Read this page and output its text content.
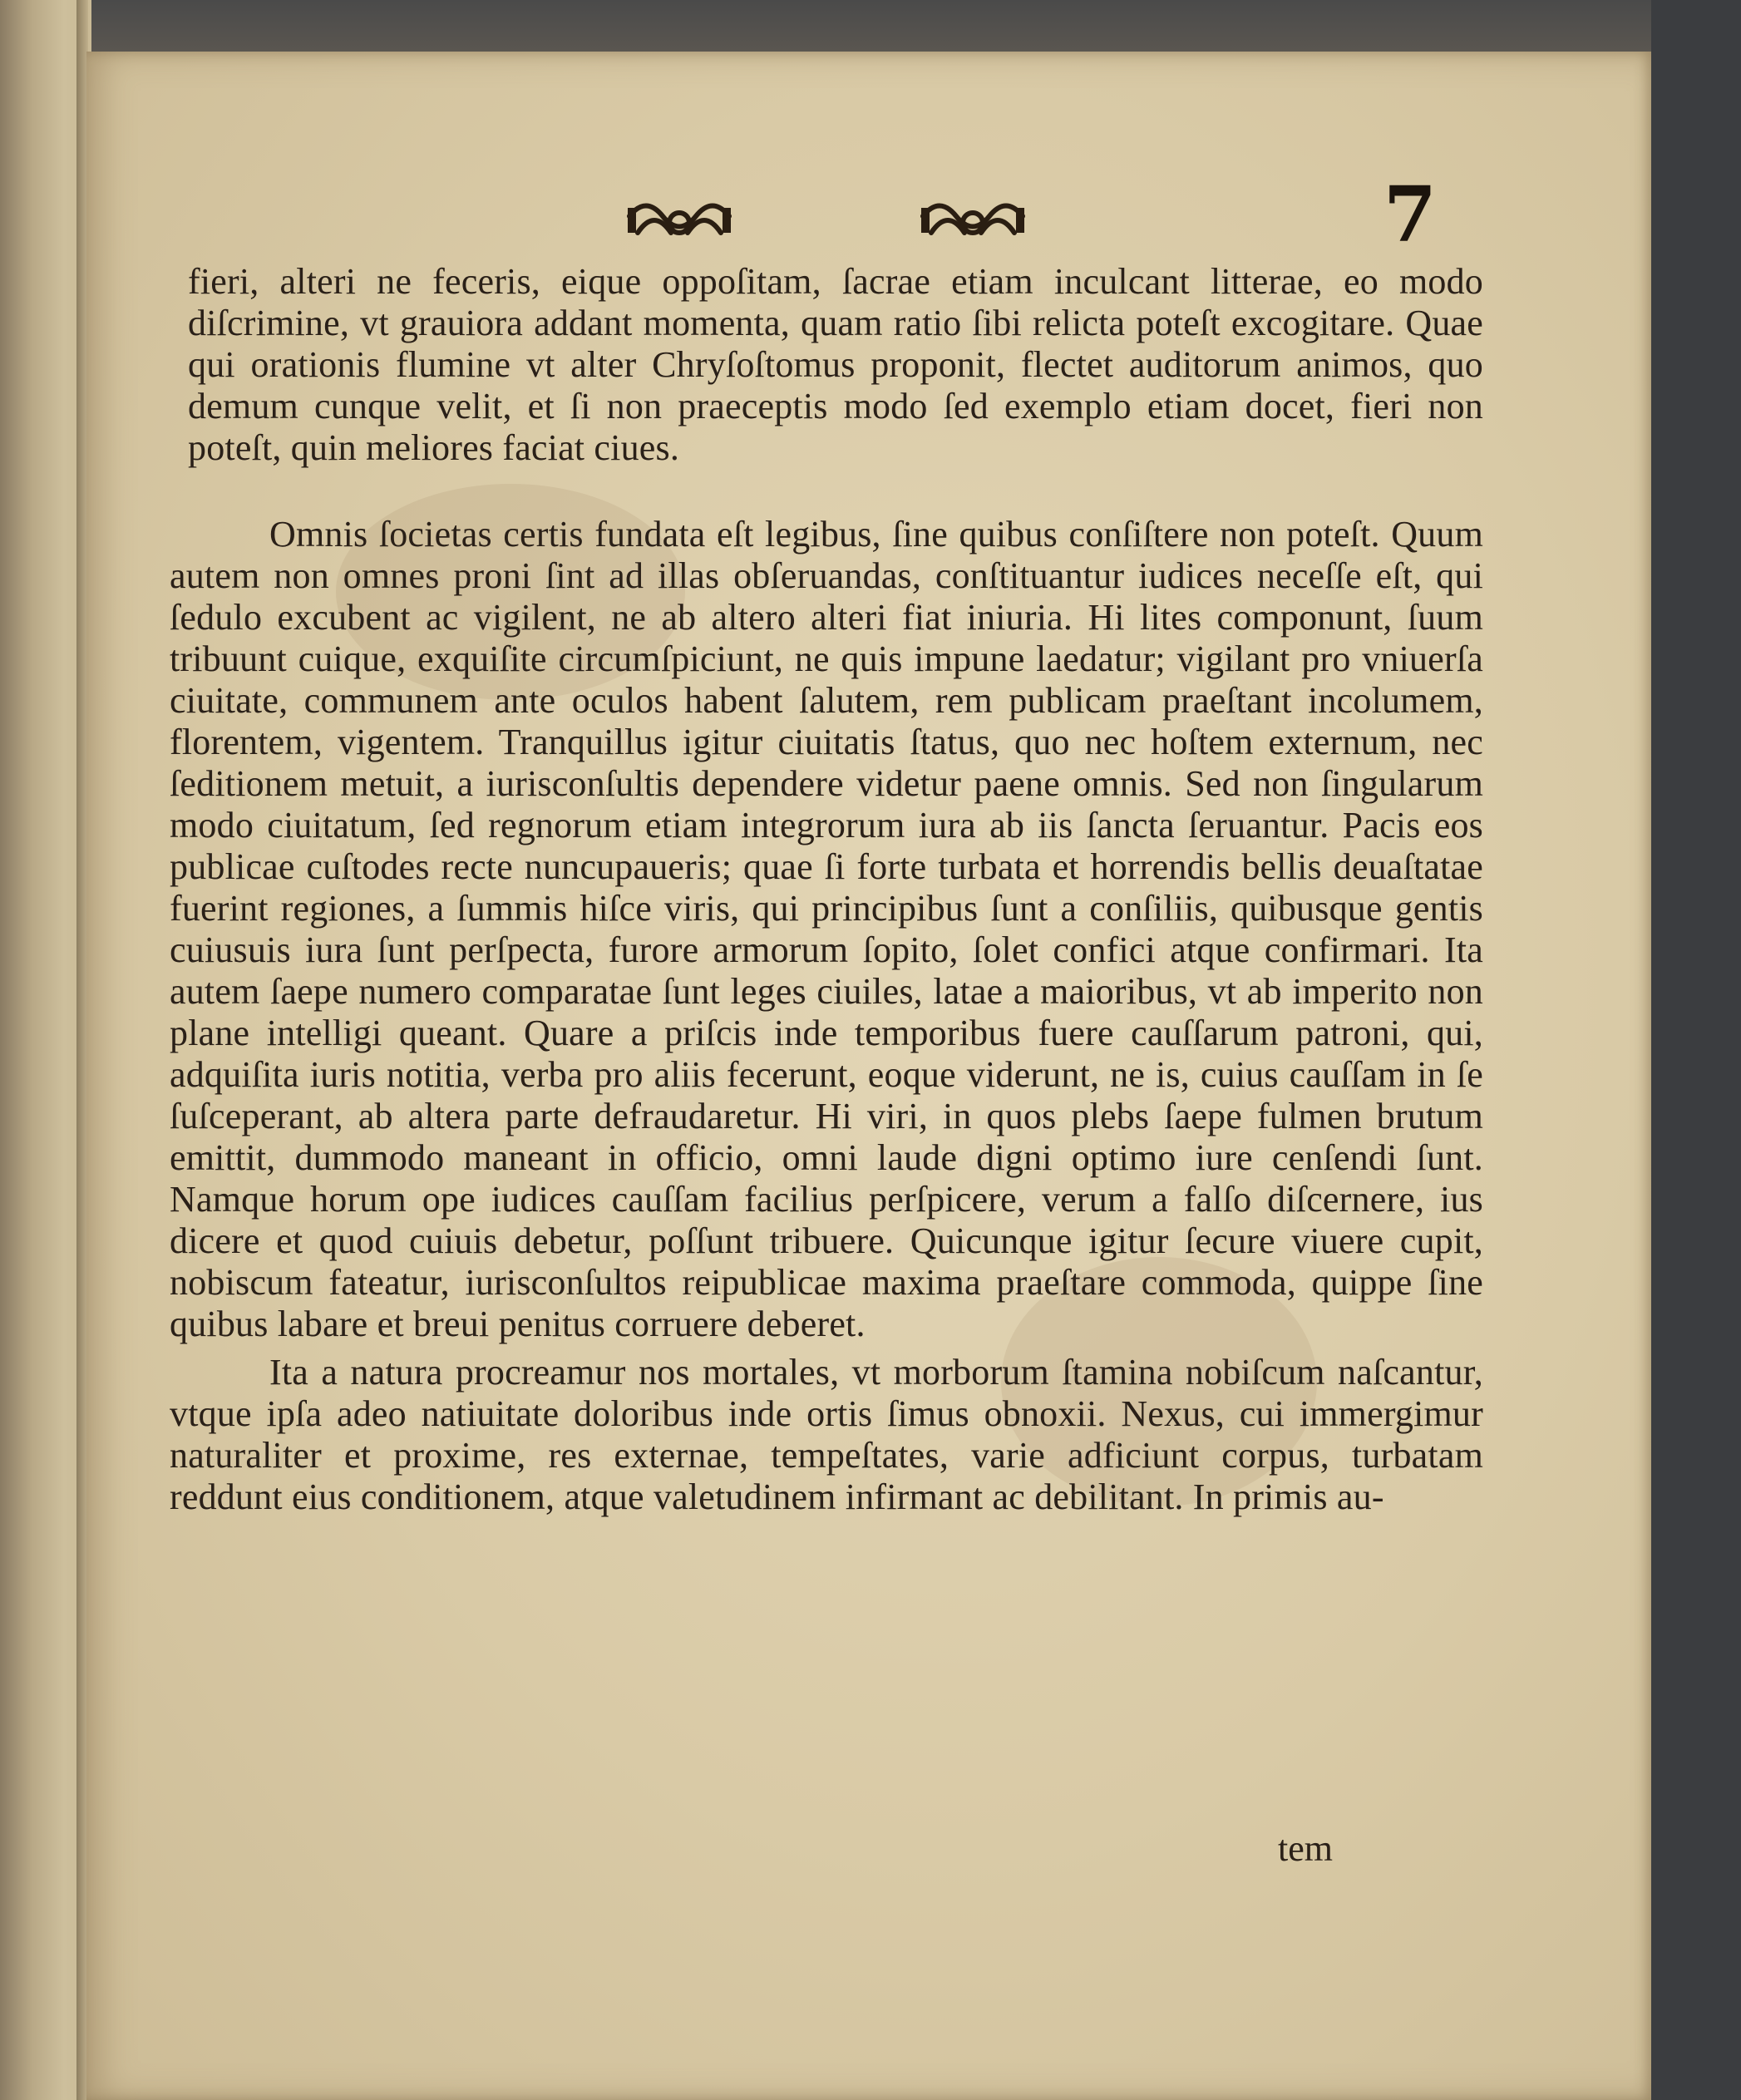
7

fieri, alteri ne feceris, eique oppoſitam, ſacrae etiam inculcant litterae, eo modo diſcrimine, vt grauiora addant momenta, quam ratio ſibi relicta poteſt excogitare. Quae qui orationis flumine vt alter Chryſoſtomus proponit, flectet auditorum animos, quo demum cunque velit, et ſi non praeceptis modo ſed exemplo etiam docet, fieri non poteſt, quin meliores faciat ciues.

Omnis ſocietas certis fundata eſt legibus, ſine quibus conſiſtere non poteſt. Quum autem non omnes proni ſint ad illas obſeruandas, conſtituantur iudices neceſſe eſt, qui ſedulo excubent ac vigilent, ne ab altero alteri fiat iniuria. Hi lites componunt, ſuum tribuunt cuique, exquiſite circumſpiciunt, ne quis impune laedatur; vigilant pro vniuerſa ciuitate, communem ante oculos habent ſalutem, rem publicam praeſtant incolumem, florentem, vigentem. Tranquillus igitur ciuitatis ſtatus, quo nec hoſtem externum, nec ſeditionem metuit, a iurisconſultis dependere videtur paene omnis. Sed non ſingularum modo ciuitatum, ſed regnorum etiam integrorum iura ab iis ſancta ſeruantur. Pacis eos publicae cuſtodes recte nuncupaueris; quae ſi forte turbata et horrendis bellis deuaſtatae fuerint regiones, a ſummis hiſce viris, qui principibus ſunt a conſiliis, quibusque gentis cuiusuis iura ſunt perſpecta, furore armorum ſopito, ſolet confici atque confirmari. Ita autem ſaepe numero comparatae ſunt leges ciuiles, latae a maioribus, vt ab imperito non plane intelligi queant. Quare a priſcis inde temporibus fuere cauſſarum patroni, qui, adquiſita iuris notitia, verba pro aliis fecerunt, eoque viderunt, ne is, cuius cauſſam in ſe ſuſceperant, ab altera parte defraudaretur. Hi viri, in quos plebs ſaepe fulmen brutum emittit, dummodo maneant in officio, omni laude digni optimo iure cenſendi ſunt. Namque horum ope iudices cauſſam facilius perſpicere, verum a falſo diſcernere, ius dicere et quod cuiuis debetur, poſſunt tribuere. Quicunque igitur ſecure viuere cupit, nobiscum fateatur, iurisconſultos reipublicae maxima praeſtare commoda, quippe ſine quibus labare et breui penitus corruere deberet.

Ita a natura procreamur nos mortales, vt morborum ſtamina nobiſcum naſcantur, vtque ipſa adeo natiuitate doloribus inde ortis ſimus obnoxii. Nexus, cui immergimur naturaliter et proxime, res externae, tempeſtates, varie adficiunt corpus, turbatam reddunt eius conditionem, atque valetudinem infirmant ac debilitant. In primis au-

tem
